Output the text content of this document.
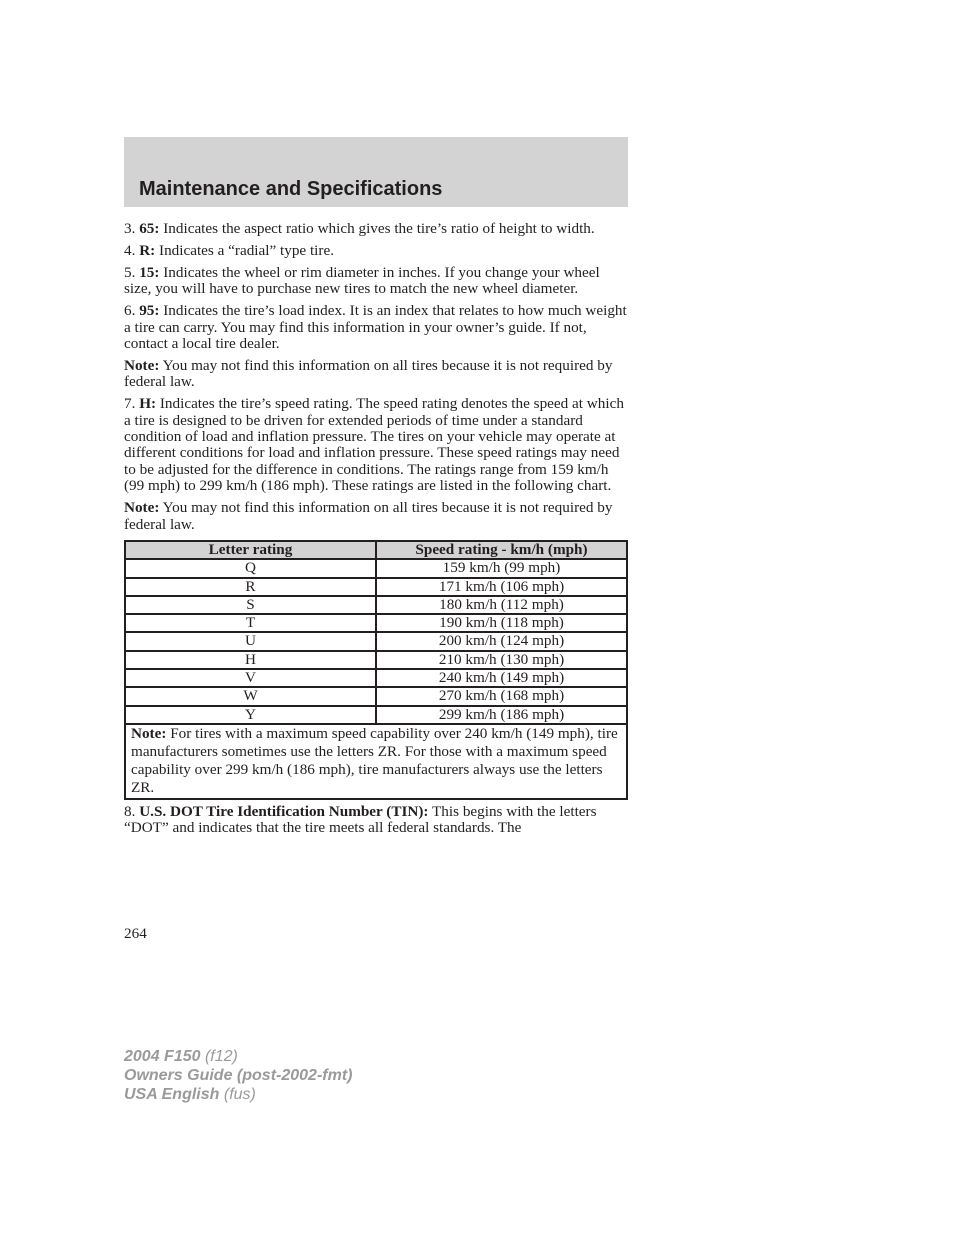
Maintenance and Specifications

3. 65: Indicates the aspect ratio which gives the tire’s ratio of height to width.

4. R: Indicates a “radial” type tire.

5. 15: Indicates the wheel or rim diameter in inches. If you change your wheel size, you will have to purchase new tires to match the new wheel diameter.

6. 95: Indicates the tire’s load index. It is an index that relates to how much weight a tire can carry. You may find this information in your owner’s guide. If not, contact a local tire dealer.

Note: You may not find this information on all tires because it is not required by federal law.

7. H: Indicates the tire’s speed rating. The speed rating denotes the speed at which a tire is designed to be driven for extended periods of time under a standard condition of load and inflation pressure. The tires on your vehicle may operate at different conditions for load and inflation pressure. These speed ratings may need to be adjusted for the difference in conditions. The ratings range from 159 km/h (99 mph) to 299 km/h (186 mph). These ratings are listed in the following chart.

Note: You may not find this information on all tires because it is not required by federal law.

Letter rating	Speed rating - km/h (mph)
Q	159 km/h (99 mph)
R	171 km/h (106 mph)
S	180 km/h (112 mph)
T	190 km/h (118 mph)
U	200 km/h (124 mph)
H	210 km/h (130 mph)
V	240 km/h (149 mph)
W	270 km/h (168 mph)
Y	299 km/h (186 mph)
Note: For tires with a maximum speed capability over 240 km/h (149 mph), tire manufacturers sometimes use the letters ZR. For those with a maximum speed capability over 299 km/h (186 mph), tire manufacturers always use the letters ZR.	

8. U.S. DOT Tire Identification Number (TIN): This begins with the letters “DOT” and indicates that the tire meets all federal standards. The

264

2004 F150 (f12)

Owners Guide (post-2002-fmt)

USA English (fus)
